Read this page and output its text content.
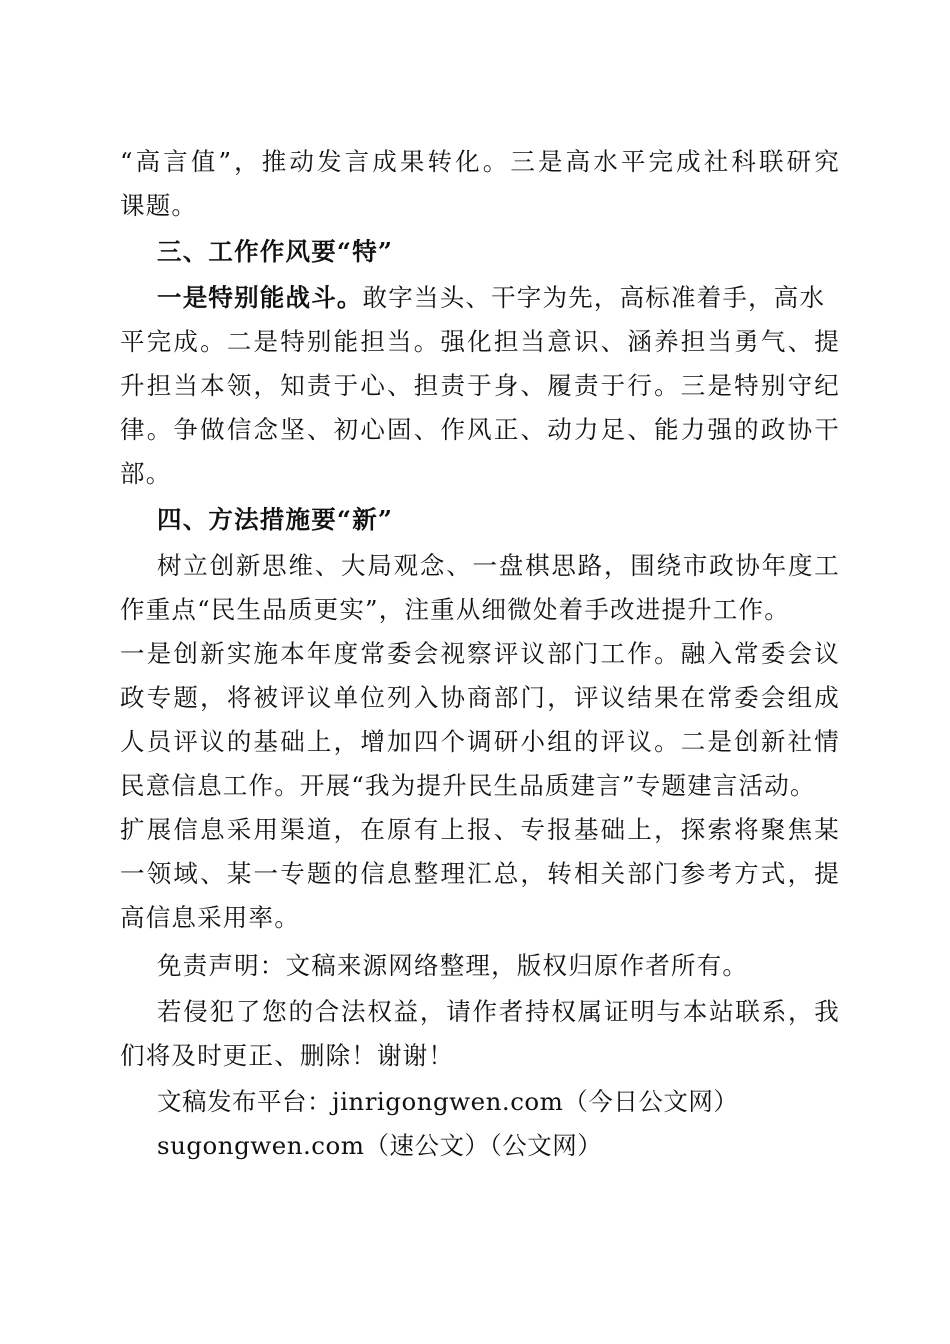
“高言值”，推动发言成果转化。三是高水平完成社科联研究
课题。
三、工作作风要“特”
一是特别能战斗。敢字当头、干字为先，高标准着手，高水
平完成。二是特别能担当。强化担当意识、涵养担当勇气、提
升担当本领，知责于心、担责于身、履责于行。三是特别守纪
律。争做信念坚、初心固、作风正、动力足、能力强的政协干
部。
四、方法措施要“新”
树立创新思维、大局观念、一盘棋思路，围绕市政协年度工
作重点“民生品质更实”，注重从细微处着手改进提升工作。
一是创新实施本年度常委会视察评议部门工作。融入常委会议
政专题，将被评议单位列入协商部门，评议结果在常委会组成
人员评议的基础上，增加四个调研小组的评议。二是创新社情
民意信息工作。开展“我为提升民生品质建言”专题建言活动。
扩展信息采用渠道，在原有上报、专报基础上，探索将聚焦某
一领域、某一专题的信息整理汇总，转相关部门参考方式，提
高信息采用率。
免责声明：文稿来源网络整理，版权归原作者所有。
若侵犯了您的合法权益，请作者持权属证明与本站联系，我
们将及时更正、删除！谢谢！
文稿发布平台：jinrigongwen.com（今日公文网）
sugongwen.com（速公文）（公文网）
